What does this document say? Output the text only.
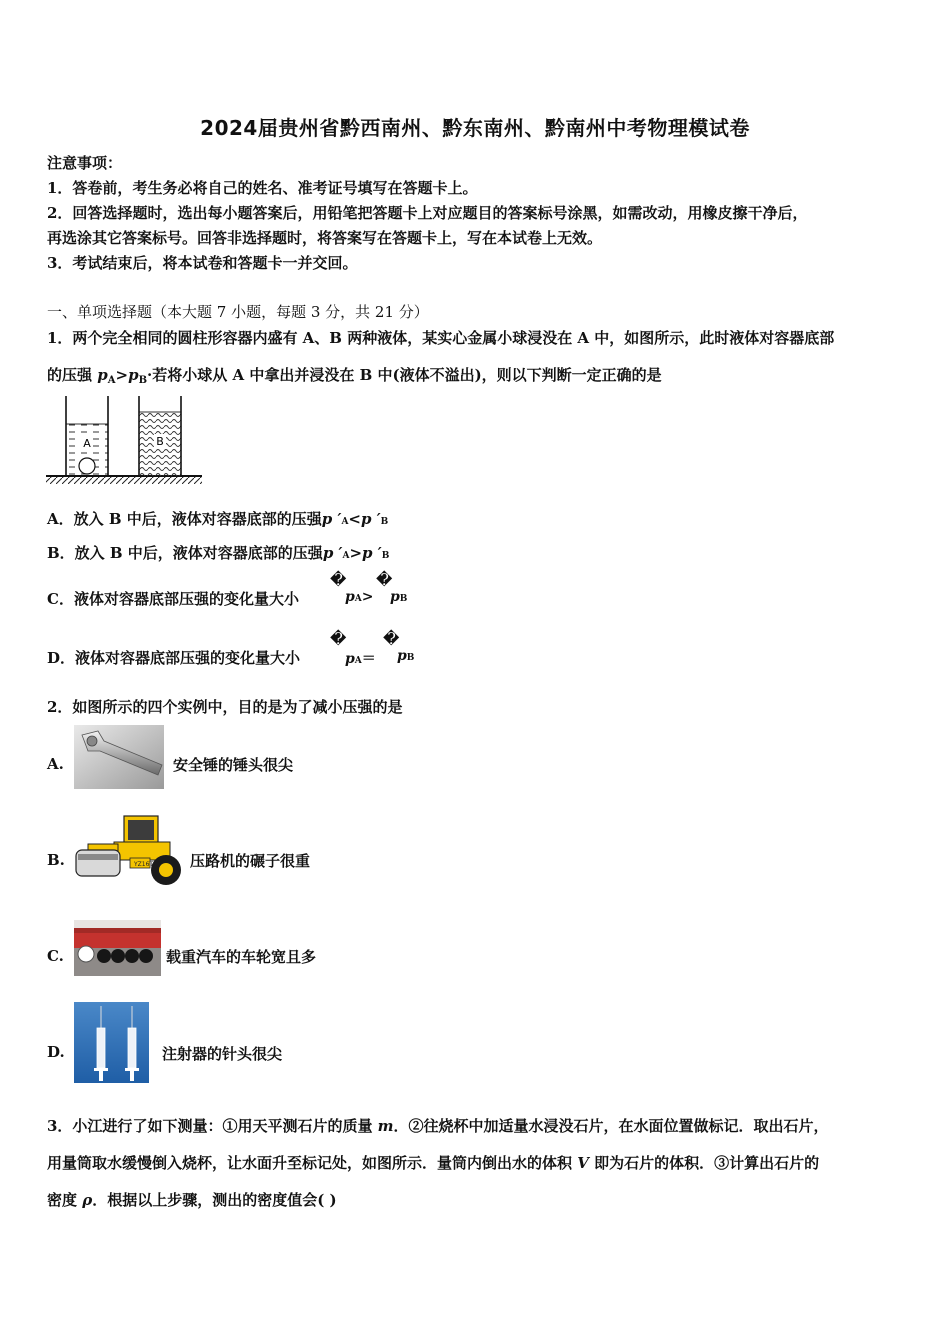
2024届贵州省黔西南州、黔东南州、黔南州中考物理模试卷
注意事项：
1．答卷前，考生务必将自己的姓名、准考证号填写在答题卡上。
2．回答选择题时，选出每小题答案后，用铅笔把答题卡上对应题目的答案标号涂黑，如需改动，用橡皮擦干净后，
再选涂其它答案标号。回答非选择题时，将答案写在答题卡上，写在本试卷上无效。
3．考试结束后，将本试卷和答题卡一并交回。
一、单项选择题（本大题 7 小题，每题 3 分，共 21 分）
1．两个完全相同的圆柱形容器内盛有 A、B 两种液体，某实心金属小球浸没在 A 中，如图所示，此时液体对容器底部
的压强 $p_A>p_B\cdot$若将小球从 A 中拿出并浸没在 B 中(液体不溢出)，则以下判断一定正确的是
A	B
A．放入 B 中后，液体对容器底部的压强p ′A<p ′B
B．放入 B 中后，液体对容器底部的压强p ′A>p ′B
C．液体对容器底部压强的变化量大小
�
pA>
�
pB
D．液体对容器底部压强的变化量大小
�
pA＝
�
pB
2．如图所示的四个实例中，目的是为了减小压强的是
A.	安全锤的锤头很尖
B.	YZ16T 压路机的碾子很重
C.	载重汽车的车轮宽且多
D.	注射器的针头很尖
3．小江进行了如下测量：①用天平测石片的质量 m．②往烧杯中加适量水浸没石片，在水面位置做标记．取出石片，
用量筒取水缓慢倒入烧杯，让水面升至标记处，如图所示．量筒内倒出水的体积 V 即为石片的体积．③计算出石片的
密度 ρ．根据以上步骤，测出的密度值会( )
